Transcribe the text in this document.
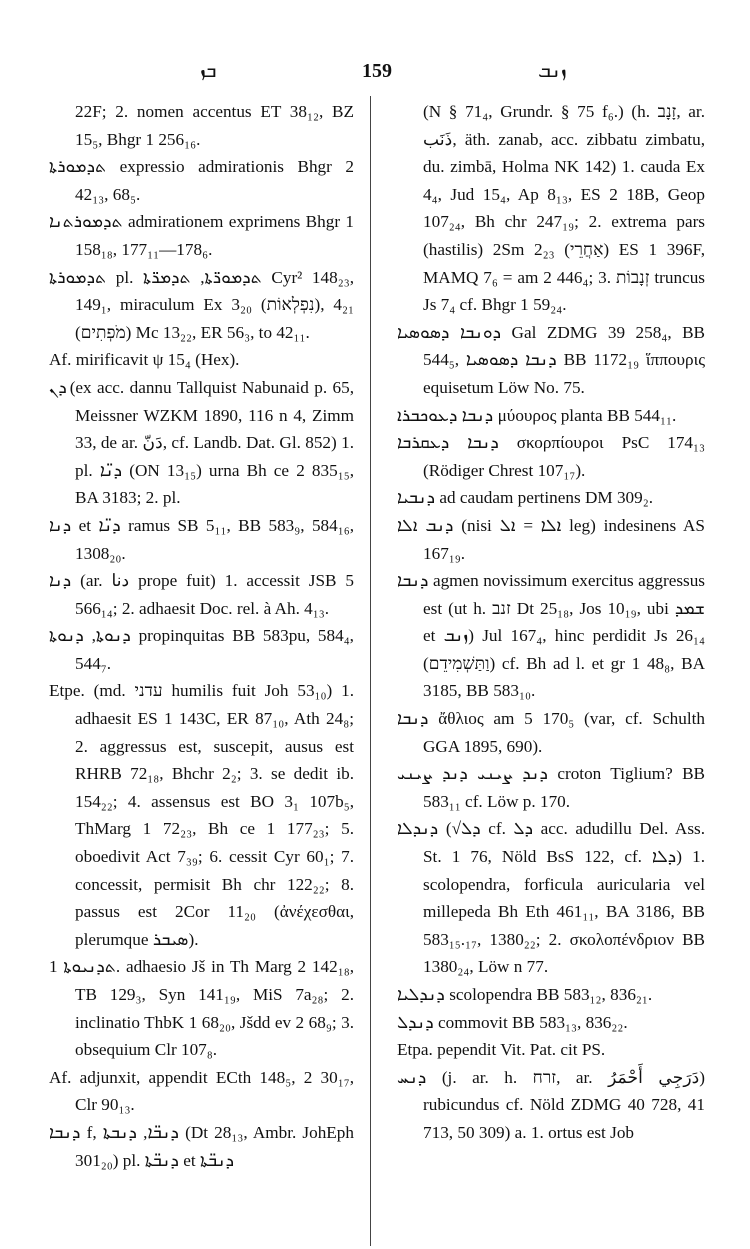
ܒܙ	159	ܙܢܒ

22F; 2. nomen accentus ET 38₁₂, BZ 15₅, Bhgr 1 256₁₆.

ܬܕܡܘܪܬܐ expressio admirationis Bhgr 2 42₁₃, 68₅.

ܬܕܡܘܪܬܢܐ admirationem exprimens Bhgr 1 158₁₈, 177₁₁—178₆.

ܬܕܡܘܪܬܐ pl. ܬܕܡܘܪ̈ܬܐ, ܬܕܡܪ̈ܬܐ Cyr² 148₂₃, 149₁, miraculum Ex 3₂₀ (נִפְלְאוֹת), 4₂₁ (מֹפְתִים) Mc 13₂₂, ER 56₃, to 42₁₁.

Af. mirificavit ψ 15₄ (Hex).

ܕܢ (ex acc. dannu Tallquist Nabunaid p. 65, Meissner WZKM 1890, 116 n 4, Zimm 33, de ar. دَنّ, cf. Landb. Dat. Gl. 852) 1. pl. ܕܢ̈ܐ (ON 13₁₅) urna Bh ce 2 835₁₅, BA 3183; 2. pl.

ܕܢܐ et ܕܢ̈ܐ ramus SB 5₁₁, BB 583₉, 584₁₆, 1308₂₀.

ܕܢܐ (ar. دنا prope fuit) 1. accessit JSB 5 566₁₄; 2. adhaesit Doc. rel. à Ah. 4₁₃.

ܕܢܘܬܐ, ܕܢܘܬܐ propinquitas BB 583pu, 584₄, 544₇.

Etpe. (md. עדני humilis fuit Joh 53₁₀) 1. adhaesit ES 1 143C, ER 87₁₀, Ath 24₈; 2. aggressus est, suscepit, ausus est RHRB 72₁₈, Bhchr 2₂; 3. se dedit ib. 154₂₂; 4. assensus est BO 3₁ 107b₅, ThMarg 1 72₂₃, Bh ce 1 177₂₃; 5. oboedivit Act 7₃₉; 6. cessit Cyr 60₁; 7. concessit, permisit Bh chr 122₂₂; 8. passus est 2Cor 11₂₀ (ἀνέχεσθαι, plerumque ܣܝܒܪ).

ܬܕܢܝܘܬܐ 1. adhaesio Jš in Th Marg 2 142₁₈, TB 129₃, Syn 141₁₉, MiS 7a₂₈; 2. inclinatio ThbK 1 68₂₀, Jšdd ev 2 68₉; 3. obsequium Clr 107₈.

Af. adjunxit, appendit ECth 148₅, 2 30₁₇, Clr 90₁₃.

ܕܢܒܐ f, ܕܢܒ̈ܐ, ܕܢܒܬܐ (Dt 28₁₃, Ambr. JohEph 301₂₀) pl. ܕܢܒ̈ܬܐ et ܕܢܒ̈ܬܐ

(N § 71₄, Grundr. § 75 f₆.) (h. זָנָב, ar. ذَنَب, äth. zanab, acc. zibbatu zimbatu, du. zimbā, Holma NK 142) 1. cauda Ex 4₄, Jud 15₄, Ap 8₁₃, ES 2 18B, Geop 107₂₄, Bh chr 247₁₉; 2. extrema pars (hastilis) 2Sm 2₂₃ (אַחֲרֵי) ES 1 396F, MAMQ 7₆ = am 2 446₄; 3. זְנָבוֹת truncus Js 7₄ cf. Bhgr 1 59₂₄.

ܕܘܢܒܐ ܕܣܘܣܝܐ Gal ZDMG 39 258₄, BB 544₅, ܕܢܒܐ ܕܣܘܣܝܐ BB 1172₁₉ ἵππουρις equisetum Löw No. 75.

ܕܢܒܐ ܕܥܘܟܒܪܐ μύουρος planta BB 544₁₁.

ܕܢܒܐ ܕܥܩܪܒܐ σκορπίουροι PsC 174₁₃ (Rödiger Chrest 107₁₇).

ܕܢܒܝܐ ad caudam pertinens DM 309₂.

ܕܢܒ ܐܠܐ (nisi ܐܠܐ = ܐܠ leg) indesinens AS 167₁₉.

ܕܢܒܐ agmen novissimum exercitus aggressus est (ut h. זנב Dt 25₁₈, Jos 10₁₉, ubi ܫܡܕ et ܙܢܒ) Jul 167₄, hinc perdidit Js 26₁₄ (וַתַּשְׁמִידֵם) cf. Bh ad l. et gr 1 48₈, BA 3185, BB 583₁₀.

ܕܢܒܐ ἄθλιος am 5 170₅ (var, cf. Schulth GGA 1895, 690).

ܕܢܕ ܨܝܢܝ ܕܢܕ ܨܝܢܝ croton Tiglium? BB 583₁₁ cf. Löw p. 170.

ܕܢܕܠܐ (√ܕܠ cf. ܕܠ acc. adudillu Del. Ass. St. 1 76, Nöld BsS 122, cf. ܕܠܐ) 1. scolopendra, forficula auricularia vel millepeda Bh Eth 461₁₁, BA 3186, BB 583₁₅.₁₇, 1380₂₂; 2. σκολοπένδριον BB 1380₂₄, Löw n 77.

ܕܢܕܠܝܐ scolopendra BB 583₁₂, 836₂₁.

ܕܢܕܠ commovit BB 583₁₃, 836₂₂.

Etpa. pependit Vit. Pat. cit PS.

ܕܢܚ (j. ar. h. זרח, ar. دَرَجِي أَحْمَرُ) rubicundus cf. Nöld ZDMG 40 728, 41 713, 50 309) a. 1. ortus est Job
